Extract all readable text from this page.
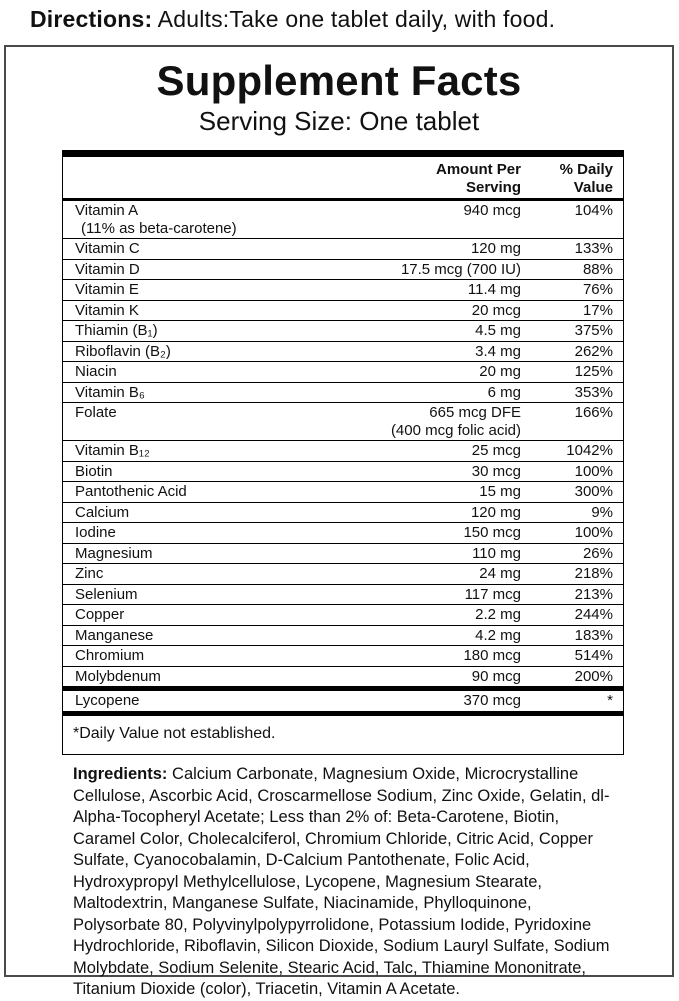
Directions: Adults:Take one tablet daily, with food.
Supplement Facts
Serving Size: One tablet
Amount Per
Serving
% Daily
Value
Vitamin A	940 mcg	104%
(11% as beta-carotene)
Vitamin C	120 mg	133%
Vitamin D	17.5 mcg (700 IU)	88%
Vitamin E	11.4 mg	76%
Vitamin K	20 mcg	17%
Thiamin (B₁)	4.5 mg	375%
Riboflavin (B₂)	3.4 mg	262%
Niacin	20 mg	125%
Vitamin B₆	6 mg	353%
Folate	665 mcg DFE	166%
(400 mcg folic acid)
Vitamin B₁₂	25 mcg	1042%
Biotin	30 mcg	100%
Pantothenic Acid	15 mg	300%
Calcium	120 mg	9%
Iodine	150 mcg	100%
Magnesium	110 mg	26%
Zinc	24 mg	218%
Selenium	117 mcg	213%
Copper	2.2 mg	244%
Manganese	4.2 mg	183%
Chromium	180 mcg	514%
Molybdenum	90 mcg	200%
Lycopene	370 mcg	*
*Daily Value not established.

Ingredients: Calcium Carbonate, Magnesium Oxide, Microcrystalline Cellulose, Ascorbic Acid, Croscarmellose Sodium, Zinc Oxide, Gelatin, dl-Alpha-Tocopheryl Acetate; Less than 2% of: Beta-Carotene, Biotin, Caramel Color, Cholecalciferol, Chromium Chloride, Citric Acid, Copper Sulfate, Cyanocobalamin, D-Calcium Pantothenate, Folic Acid, Hydroxypropyl Methylcellulose, Lycopene, Magnesium Stearate, Maltodextrin, Manganese Sulfate, Niacinamide, Phylloquinone, Polysorbate 80, Polyvinylpolypyrrolidone, Potassium Iodide, Pyridoxine Hydrochloride, Riboflavin, Silicon Dioxide, Sodium Lauryl Sulfate, Sodium Molybdate, Sodium Selenite, Stearic Acid, Talc, Thiamine Mononitrate, Titanium Dioxide (color), Triacetin, Vitamin A Acetate.
